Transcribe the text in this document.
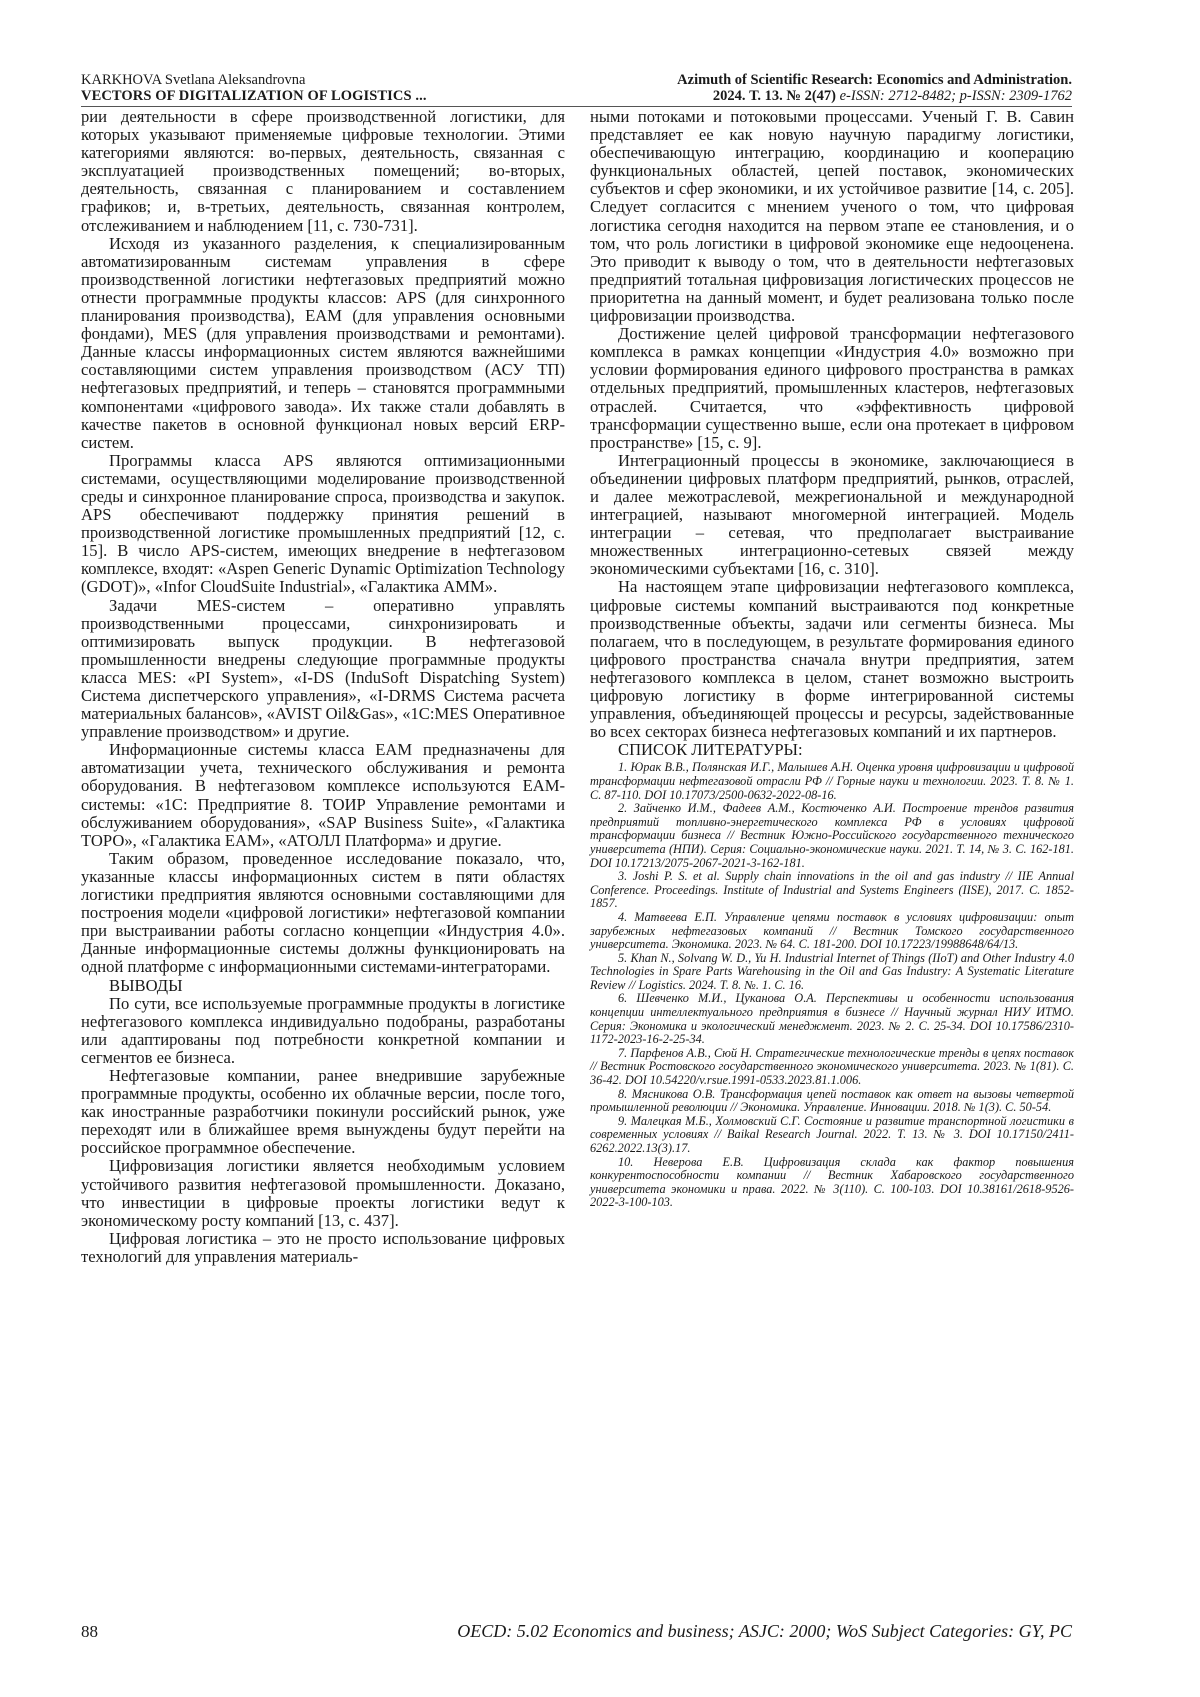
KARKHOVA Svetlana Aleksandrovna
VECTORS OF DIGITALIZATION OF LOGISTICS ...
Azimuth of Scientific Research: Economics and Administration.
2024. Т. 13. № 2(47) e-ISSN: 2712-8482; p-ISSN: 2309-1762

рии деятельности в сфере производственной логистики, для которых указывают применяемые цифровые технологии. Этими категориями являются: во-первых, деятельность, связанная с эксплуатацией производственных помещений; во-вторых, деятельность, связанная с планированием и составлением графиков; и, в-третьих, деятельность, связанная контролем, отслеживанием и наблюдением [11, с. 730-731].

Исходя из указанного разделения, к специализированным автоматизированным системам управления в сфере производственной логистики нефтегазовых предприятий можно отнести программные продукты классов: APS (для синхронного планирования производства), EAM (для управления основными фондами), MES (для управления производствами и ремонтами). Данные классы информационных систем являются важнейшими составляющими систем управления производством (АСУ ТП) нефтегазовых предприятий, и теперь – становятся программными компонентами «цифрового завода». Их также стали добавлять в качестве пакетов в основной функционал новых версий ERP-систем.

Программы класса APS являются оптимизационными системами, осуществляющими моделирование производственной среды и синхронное планирование спроса, производства и закупок. APS обеспечивают поддержку принятия решений в производственной логистике промышленных предприятий [12, с. 15]. В число APS-систем, имеющих внедрение в нефтегазовом комплексе, входят: «Aspen Generic Dynamic Optimization Technology (GDOT)», «Infor CloudSuite Industrial», «Галактика AMM».

Задачи MES-систем – оперативно управлять производственными процессами, синхронизировать и оптимизировать выпуск продукции. В нефтегазовой промышленности внедрены следующие программные продукты класса MES: «PI System», «I-DS (InduSoft Dispatching System) Система диспетчерского управления», «I-DRMS Система расчета материальных балансов», «AVIST Oil&Gas», «1С:MES Оперативное управление производством» и другие.

Информационные системы класса EAM предназначены для автоматизации учета, технического обслуживания и ремонта оборудования. В нефтегазовом комплексе используются EAM-системы: «1С: Предприятие 8. ТОИР Управление ремонтами и обслуживанием оборудования», «SAP Business Suite», «Галактика ТОРО», «Галактика EAM», «АТОЛЛ Платформа» и другие.

Таким образом, проведенное исследование показало, что, указанные классы информационных систем в пяти областях логистики предприятия являются основными составляющими для построения модели «цифровой логистики» нефтегазовой компании при выстраивании работы согласно концепции «Индустрия 4.0». Данные информационные системы должны функционировать на одной платформе с информационными системами-интеграторами.

ВЫВОДЫ

По сути, все используемые программные продукты в логистике нефтегазового комплекса индивидуально подобраны, разработаны или адаптированы под потребности конкретной компании и сегментов ее бизнеса.

Нефтегазовые компании, ранее внедрившие зарубежные программные продукты, особенно их облачные версии, после того, как иностранные разработчики покинули российский рынок, уже переходят или в ближайшее время вынуждены будут перейти на российское программное обеспечение.

Цифровизация логистики является необходимым условием устойчивого развития нефтегазовой промышленности. Доказано, что инвестиции в цифровые проекты логистики ведут к экономическому росту компаний [13, с. 437].

Цифровая логистика – это не просто использование цифровых технологий для управления материаль-

ными потоками и потоковыми процессами. Ученый Г. В. Савин представляет ее как новую научную парадигму логистики, обеспечивающую интеграцию, координацию и кооперацию функциональных областей, цепей поставок, экономических субъектов и сфер экономики, и их устойчивое развитие [14, с. 205]. Следует согласится с мнением ученого о том, что цифровая логистика сегодня находится на первом этапе ее становления, и о том, что роль логистики в цифровой экономике еще недооценена. Это приводит к выводу о том, что в деятельности нефтегазовых предприятий тотальная цифровизация логистических процессов не приоритетна на данный момент, и будет реализована только после цифровизации производства.

Достижение целей цифровой трансформации нефтегазового комплекса в рамках концепции «Индустрия 4.0» возможно при условии формирования единого цифрового пространства в рамках отдельных предприятий, промышленных кластеров, нефтегазовых отраслей. Считается, что «эффективность цифровой трансформации существенно выше, если она протекает в цифровом пространстве» [15, с. 9].

Интеграционный процессы в экономике, заключающиеся в объединении цифровых платформ предприятий, рынков, отраслей, и далее межотраслевой, межрегиональной и международной интеграцией, называют многомерной интеграцией. Модель интеграции – сетевая, что предполагает выстраивание множественных интеграционно-сетевых связей между экономическими субъектами [16, с. 310].

На настоящем этапе цифровизации нефтегазового комплекса, цифровые системы компаний выстраиваются под конкретные производственные объекты, задачи или сегменты бизнеса. Мы полагаем, что в последующем, в результате формирования единого цифрового пространства сначала внутри предприятия, затем нефтегазового комплекса в целом, станет возможно выстроить цифровую логистику в форме интегрированной системы управления, объединяющей процессы и ресурсы, задействованные во всех секторах бизнеса нефтегазовых компаний и их партнеров.

СПИСОК ЛИТЕРАТУРЫ:
1. Юрак В.В., Полянская И.Г., Малышев А.Н. Оценка уровня цифровизации и цифровой трансформации нефтегазовой отрасли РФ // Горные науки и технологии. 2023. Т. 8. № 1. С. 87-110. DOI 10.17073/2500-0632-2022-08-16.
2. Зайченко И.М., Фадеев А.М., Костюченко А.И. Построение трендов развития предприятий топливно-энергетического комплекса РФ в условиях цифровой трансформации бизнеса // Вестник Южно-Российского государственного технического университета (НПИ). Серия: Социально-экономические науки. 2021. Т. 14, № 3. С. 162-181. DOI 10.17213/2075-2067-2021-3-162-181.
3. Joshi P. S. et al. Supply chain innovations in the oil and gas industry // IIE Annual Conference. Proceedings. Institute of Industrial and Systems Engineers (IISE), 2017. С. 1852-1857.
4. Матвеева Е.П. Управление цепями поставок в условиях цифровизации: опыт зарубежных нефтегазовых компаний // Вестник Томского государственного университета. Экономика. 2023. № 64. С. 181-200. DOI 10.17223/19988648/64/13.
5. Khan N., Solvang W. D., Yu H. Industrial Internet of Things (IIoT) and Other Industry 4.0 Technologies in Spare Parts Warehousing in the Oil and Gas Industry: A Systematic Literature Review // Logistics. 2024. Т. 8. №. 1. С. 16.
6. Шевченко М.И., Цуканова О.А. Перспективы и особенности использования концепции интеллектуального предприятия в бизнесе // Научный журнал НИУ ИТМО. Серия: Экономика и экологический менеджмент. 2023. № 2. С. 25-34. DOI 10.17586/2310-1172-2023-16-2-25-34.
7. Парфенов А.В., Сюй Н. Стратегические технологические тренды в цепях поставок // Вестник Ростовского государственного экономического университета. 2023. № 1(81). С. 36-42. DOI 10.54220/v.rsue.1991-0533.2023.81.1.006.
8. Мясникова О.В. Трансформация цепей поставок как ответ на вызовы четвертой промышленной революции // Экономика. Управление. Инновации. 2018. № 1(3). С. 50-54.
9. Малецкая М.Б., Холмовский С.Г. Состояние и развитие транспортной логистики в современных условиях // Baikal Research Journal. 2022. Т. 13. № 3. DOI 10.17150/2411-6262.2022.13(3).17.
10. Неверова Е.В. Цифровизация склада как фактор повышения конкурентоспособности компании // Вестник Хабаровского государственного университета экономики и права. 2022. № 3(110). С. 100-103. DOI 10.38161/2618-9526-2022-3-100-103.
88	OECD: 5.02 Economics and business; ASJC: 2000; WoS Subject Categories: GY, PC
